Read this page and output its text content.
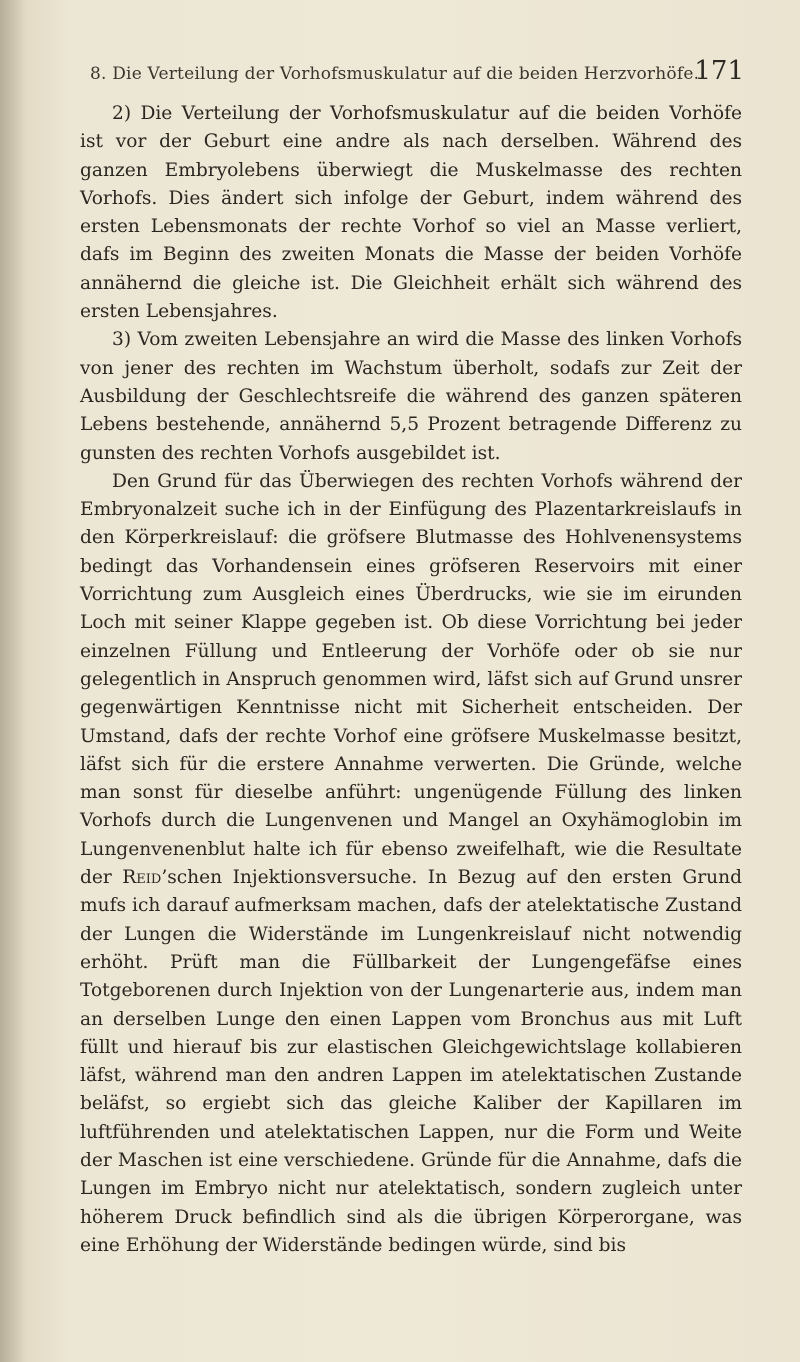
8. Die Verteilung der Vorhofsmuskulatur auf die beiden Herzvorhöfe.
171

2) Die Verteilung der Vorhofsmuskulatur auf die beiden Vorhöfe ist vor der Geburt eine andre als nach derselben. Während des ganzen Embryolebens überwiegt die Muskelmasse des rechten Vorhofs. Dies ändert sich infolge der Geburt, indem während des ersten Lebensmonats der rechte Vorhof so viel an Masse verliert, dafs im Beginn des zweiten Monats die Masse der beiden Vorhöfe annähernd die gleiche ist. Die Gleichheit erhält sich während des ersten Lebensjahres.

3) Vom zweiten Lebensjahre an wird die Masse des linken Vorhofs von jener des rechten im Wachstum überholt, sodafs zur Zeit der Ausbildung der Geschlechtsreife die während des ganzen späteren Lebens bestehende, annähernd 5,5 Prozent betragende Differenz zu gunsten des rechten Vorhofs ausgebildet ist.

Den Grund für das Überwiegen des rechten Vorhofs während der Embryonalzeit suche ich in der Einfügung des Plazentarkreislaufs in den Körperkreislauf: die gröfsere Blutmasse des Hohlvenensystems bedingt das Vorhandensein eines gröfseren Reservoirs mit einer Vorrichtung zum Ausgleich eines Überdrucks, wie sie im eirunden Loch mit seiner Klappe gegeben ist. Ob diese Vorrichtung bei jeder einzelnen Füllung und Entleerung der Vorhöfe oder ob sie nur gelegentlich in Anspruch genommen wird, läfst sich auf Grund unsrer gegenwärtigen Kenntnisse nicht mit Sicherheit entscheiden. Der Umstand, dafs der rechte Vorhof eine gröfsere Muskelmasse besitzt, läfst sich für die erstere Annahme verwerten. Die Gründe, welche man sonst für dieselbe anführt: ungenügende Füllung des linken Vorhofs durch die Lungenvenen und Mangel an Oxyhämoglobin im Lungenvenenblut halte ich für ebenso zweifelhaft, wie die Resultate der Reid’schen Injektionsversuche. In Bezug auf den ersten Grund mufs ich darauf aufmerksam machen, dafs der atelektatische Zustand der Lungen die Widerstände im Lungenkreislauf nicht notwendig erhöht. Prüft man die Füllbarkeit der Lungengefäfse eines Totgeborenen durch Injektion von der Lungenarterie aus, indem man an derselben Lunge den einen Lappen vom Bronchus aus mit Luft füllt und hierauf bis zur elastischen Gleichgewichtslage kollabieren läfst, während man den andren Lappen im atelektatischen Zustande beläfst, so ergiebt sich das gleiche Kaliber der Kapillaren im luftführenden und atelektatischen Lappen, nur die Form und Weite der Maschen ist eine verschiedene. Gründe für die Annahme, dafs die Lungen im Embryo nicht nur atelektatisch, sondern zugleich unter höherem Druck befindlich sind als die übrigen Körperorgane, was eine Erhöhung der Widerstände bedingen würde, sind bis
